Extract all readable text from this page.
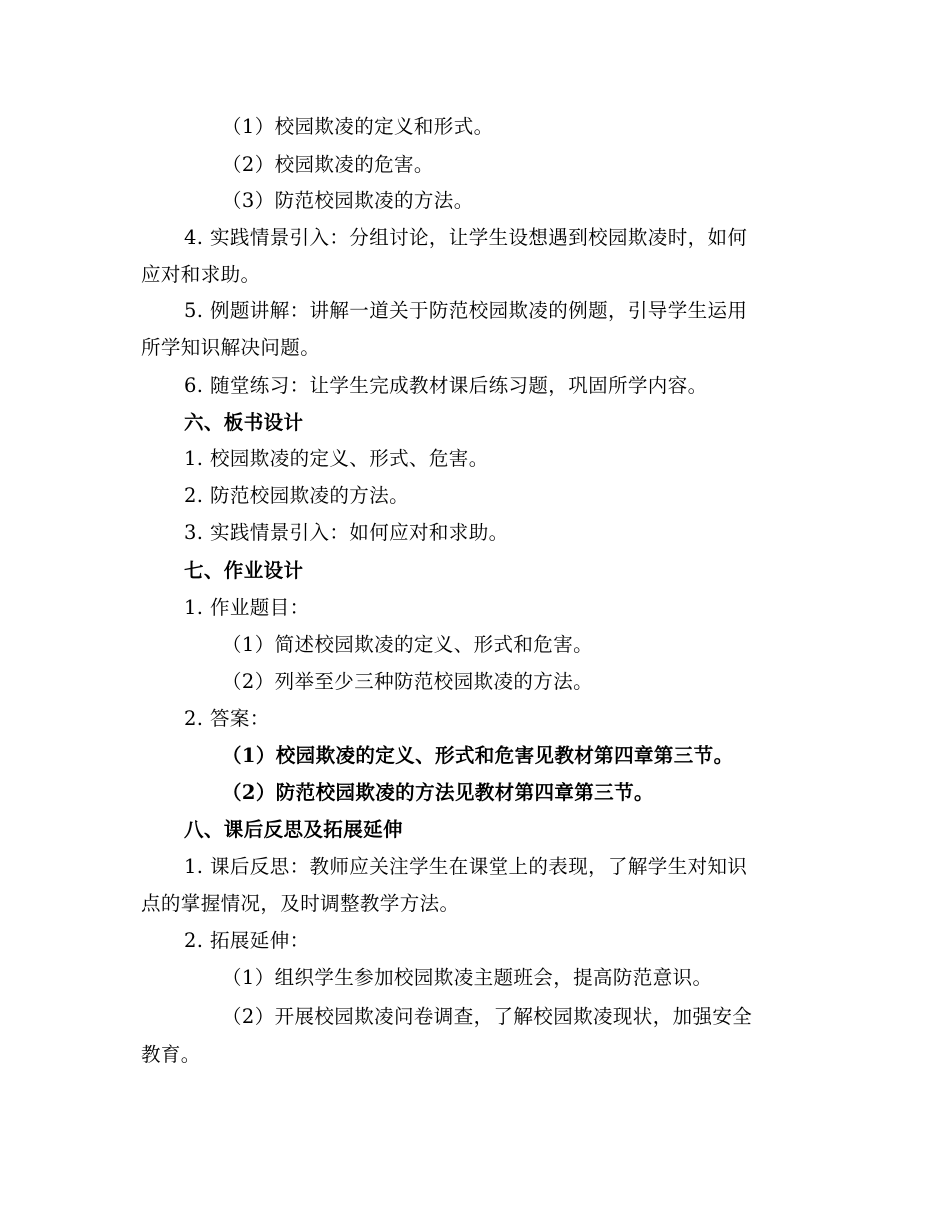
（1）校园欺凌的定义和形式。
（2）校园欺凌的危害。
（3）防范校园欺凌的方法。
4. 实践情景引入：分组讨论，让学生设想遇到校园欺凌时，如何
应对和求助。
5. 例题讲解：讲解一道关于防范校园欺凌的例题，引导学生运用
所学知识解决问题。
6. 随堂练习：让学生完成教材课后练习题，巩固所学内容。
六、板书设计
1. 校园欺凌的定义、形式、危害。
2. 防范校园欺凌的方法。
3. 实践情景引入：如何应对和求助。
七、作业设计
1. 作业题目：
（1）简述校园欺凌的定义、形式和危害。
（2）列举至少三种防范校园欺凌的方法。
2. 答案：
（1）校园欺凌的定义、形式和危害见教材第四章第三节。
（2）防范校园欺凌的方法见教材第四章第三节。
八、课后反思及拓展延伸
1. 课后反思：教师应关注学生在课堂上的表现，了解学生对知识
点的掌握情况，及时调整教学方法。
2. 拓展延伸：
（1）组织学生参加校园欺凌主题班会，提高防范意识。
（2）开展校园欺凌问卷调查，了解校园欺凌现状，加强安全
教育。
